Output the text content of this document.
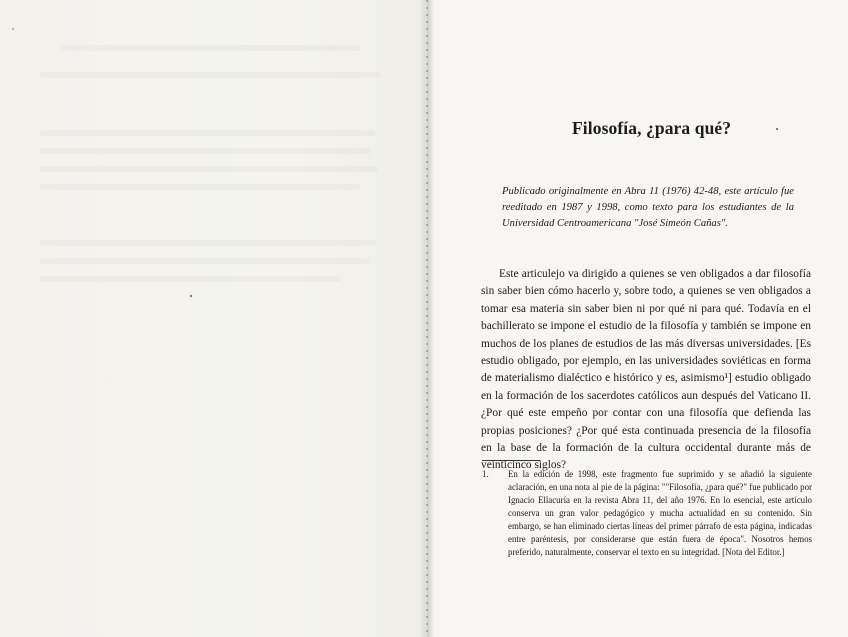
Filosofía, ¿para qué?

Publicado originalmente en Abra 11 (1976) 42-48, este artículo fue reeditado en 1987 y 1998, como texto para los estudiantes de la Universidad Centroamericana "José Simeón Cañas".

Este articulejo va dirigido a quienes se ven obligados a dar filosofía sin saber bien cómo hacerlo y, sobre todo, a quienes se ven obligados a tomar esa materia sin saber bien ni por qué ni para qué. Todavía en el bachillerato se impone el estudio de la filosofía y también se impone en muchos de los planes de estudios de las más diversas universidades. [Es estudio obligado, por ejemplo, en las universidades soviéticas en forma de materialismo dialéctico e histórico y es, asimismo¹] estudio obligado en la formación de los sacerdotes católicos aun después del Vaticano II. ¿Por qué este empeño por contar con una filosofía que defienda las propias posiciones? ¿Por qué esta continuada presencia de la filosofía en la base de la formación de la cultura occidental durante más de veinticinco siglos?

1.	En la edición de 1998, este fragmento fue suprimido y se añadió la siguiente aclaración, en una nota al pie de la página: ""Filosofía, ¿para qué?" fue publicado por Ignacio Ellacuría en la revista Abra 11, del año 1976. En lo esencial, este artículo conserva un gran valor pedagógico y mucha actualidad en su contenido. Sin embargo, se han eliminado ciertas líneas del primer párrafo de esta página, indicadas entre paréntesis, por considerarse que están fuera de época". Nosotros hemos preferido, naturalmente, conservar el texto en su integridad. [Nota del Editor.]
